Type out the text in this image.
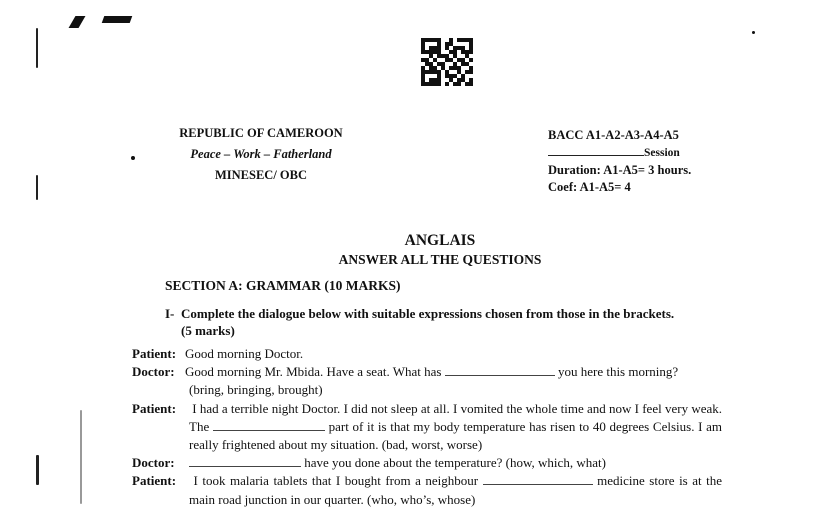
REPUBLIC OF CAMEROON
Peace – Work – Fatherland
MINESEC/ OBC
BACC A1-A2-A3-A4-A5
Session
Duration: A1-A5= 3 hours.
Coef: A1-A5= 4
ANGLAIS
ANSWER ALL THE QUESTIONS
SECTION A: GRAMMAR (10 MARKS)
I- Complete the dialogue below with suitable expressions chosen from those in the brackets. (5 marks)
Patient: Good morning Doctor.
Doctor: Good morning Mr. Mbida. Have a seat. What has	you here this morning?
(bring, bringing, brought)
Patient: I had a terrible night Doctor. I did not sleep at all. I vomited the whole time and now I feel very weak. The	part of it is that my body temperature has risen to 40 degrees Celsius. I am really frightened about my situation. (bad, worst, worse)
Doctor:	have you done about the temperature? (how, which, what)
Patient:	I took malaria tablets that I bought from a neighbour	medicine store is at the main road junction in our quarter. (who, who’s, whose)
